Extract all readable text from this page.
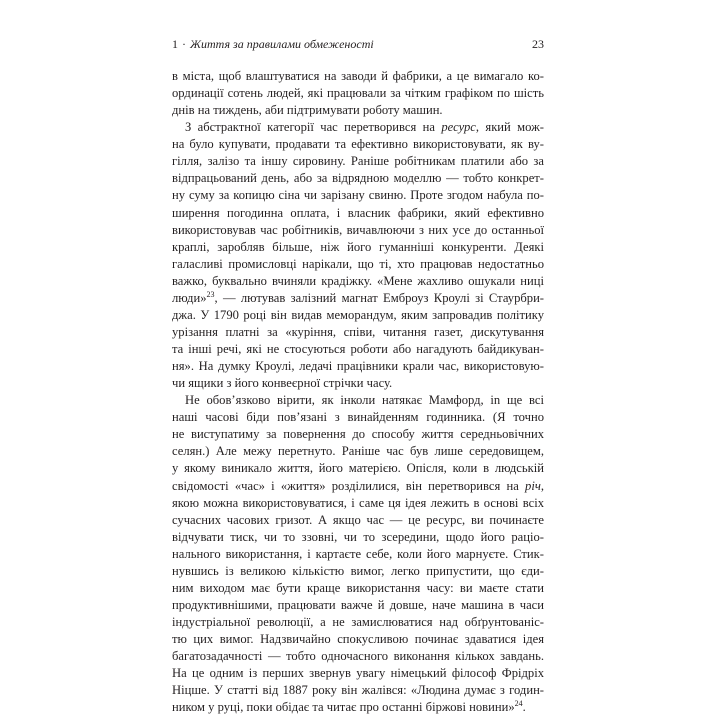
1 · Життя за правилами обмеженості	23
в міста, щоб влаштуватися на заводи й фабрики, а це вимагало ко-
ординації сотень людей, які працювали за чітким графіком по шість
днів на тиждень, аби підтримувати роботу машин.
З абстрактної категорії час перетворився на ресурс, який мож-
на було купувати, продавати та ефективно використовувати, як ву-
гілля, залізо та іншу сировину. Раніше робітникам платили або за
відпрацьований день, або за відрядною моделлю — тобто конкрет-
ну суму за копицю сіна чи зарізану свиню. Проте згодом набула по-
ширення погодинна оплата, і власник фабрики, який ефективно
використовував час робітників, вичавлюючи з них усе до останньої
краплі, заробляв більше, ніж його гуманніші конкуренти. Деякі
галасливі промисловці нарікали, що ті, хто працював недостатньо
важко, буквально вчиняли крадіжку. «Мене жахливо ошукали ниці
люди»$^{23}$, — лютував залізний магнат Емброуз Кроулі зі Стаурбри-
джа. У 1790 році він видав меморандум, яким запровадив політику
урізання платні за «куріння, співи, читання газет, дискутування
та інші речі, які не стосуються роботи або нагадують байдикуван-
ня». На думку Кроулі, ледачі працівники крали час, використовую-
чи ящики з його конвеєрної стрічки часу.
Не обов’язково вірити, як інколи натякає Мамфорд, in ще всі
наші часові біди пов’язані з винайденням годинника. (Я точно
не виступатиму за повернення до способу життя середньовічних
селян.) Але межу перетнуто. Раніше час був лише середовищем,
у якому виникало життя, його матерією. Опісля, коли в людській
свідомості «час» і «життя» розділилися, він перетворився на річ,
якою можна використовуватися, і саме ця ідея лежить в основі всіх
сучасних часових гризот. А якщо час — це ресурс, ви починаєте
відчувати тиск, чи то ззовні, чи то зсередини, щодо його раціо-
нального використання, і картаєте себе, коли його марнуєте. Стик-
нувшись із великою кількістю вимог, легко припустити, що єди-
ним виходом має бути краще використання часу: ви маєте стати
продуктивнішими, працювати важче й довше, наче машина в часи
індустріальної революції, а не замислюватися над обґрунтованіс-
тю цих вимог. Надзвичайно спокусливою починає здаватися ідея
багатозадачності — тобто одночасного виконання кількох завдань.
На це одним із перших звернув увагу німецький філософ Фрідріх
Ніцше. У статті від 1887 року він жалівся: «Людина думає з годин-
ником у руці, поки обідає та читає про останні біржові новини»$^{24}$.
